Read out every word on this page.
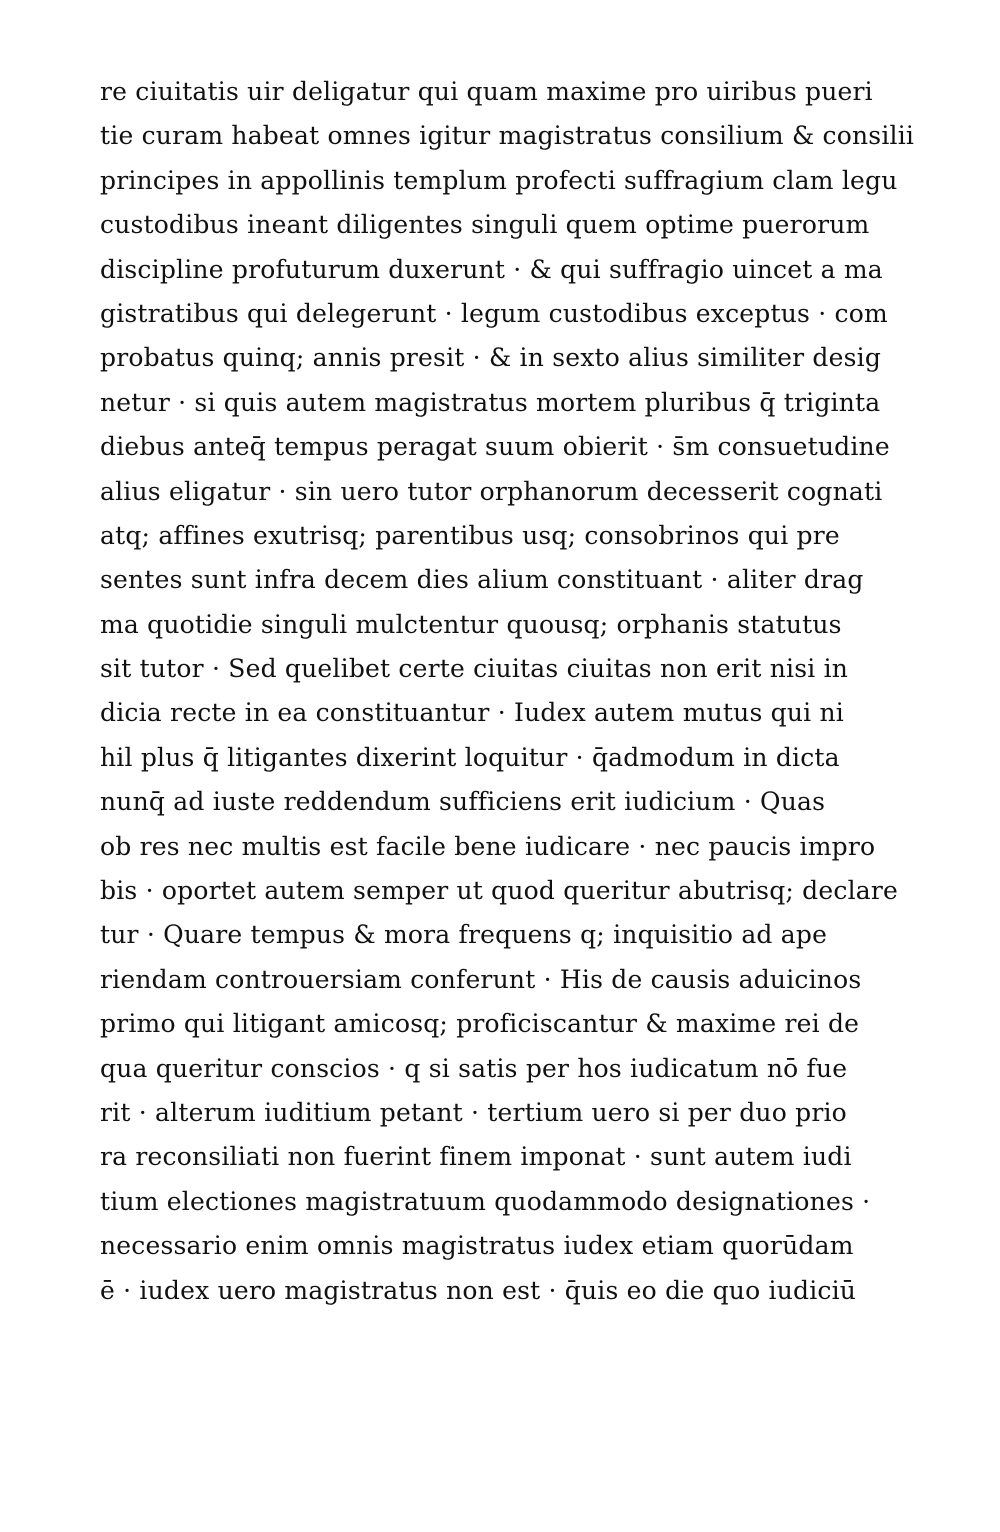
re ciuitatis uir deligatur qui quam maxime pro uiribus pueri
tie curam habeat omnes igitur magistratus consilium & consilii
principes in appollinis templum profecti suffragium clam legu
custodibus ineant diligentes singuli quem optime puerorum
discipline profuturum duxerunt · & qui suffragio uincet a ma
gistratibus qui delegerunt · legum custodibus exceptus · com
probatus quinq; annis presit · & in sexto alius similiter desig
netur · si quis autem magistratus mortem pluribus q̄ triginta
diebus anteq̄ tempus peragat suum obierit · s̄m consuetudine
alius eligatur · sin uero tutor orphanorum decesserit cognati
atq; affines exutrisq; parentibus usq; consobrinos qui pre
sentes sunt infra decem dies alium constituant · aliter drag
ma quotidie singuli mulctentur quousq; orphanis statutus
sit tutor · Sed quelibet certe ciuitas ciuitas non erit nisi in
dicia recte in ea constituantur · Iudex autem mutus qui ni
hil plus q̄ litigantes dixerint loquitur · q̄admodum in dicta
nunq̄ ad iuste reddendum sufficiens erit iudicium · Quas
ob res nec multis est facile bene iudicare · nec paucis impro
bis · oportet autem semper ut quod queritur abutrisq; declare
tur · Quare tempus & mora frequens q; inquisitio ad ape
riendam controuersiam conferunt · His de causis aduicinos
primo qui litigant amicosq; proficiscantur & maxime rei de
qua queritur conscios · q si satis per hos iudicatum nō fue
rit · alterum iuditium petant · tertium uero si per duo prio
ra reconsiliati non fuerint finem imponat · sunt autem iudi
tium electiones magistratuum quodammodo designationes ·
necessario enim omnis magistratus iudex etiam quorūdam
ē · iudex uero magistratus non est · q̄uis eo die quo iudiciū
